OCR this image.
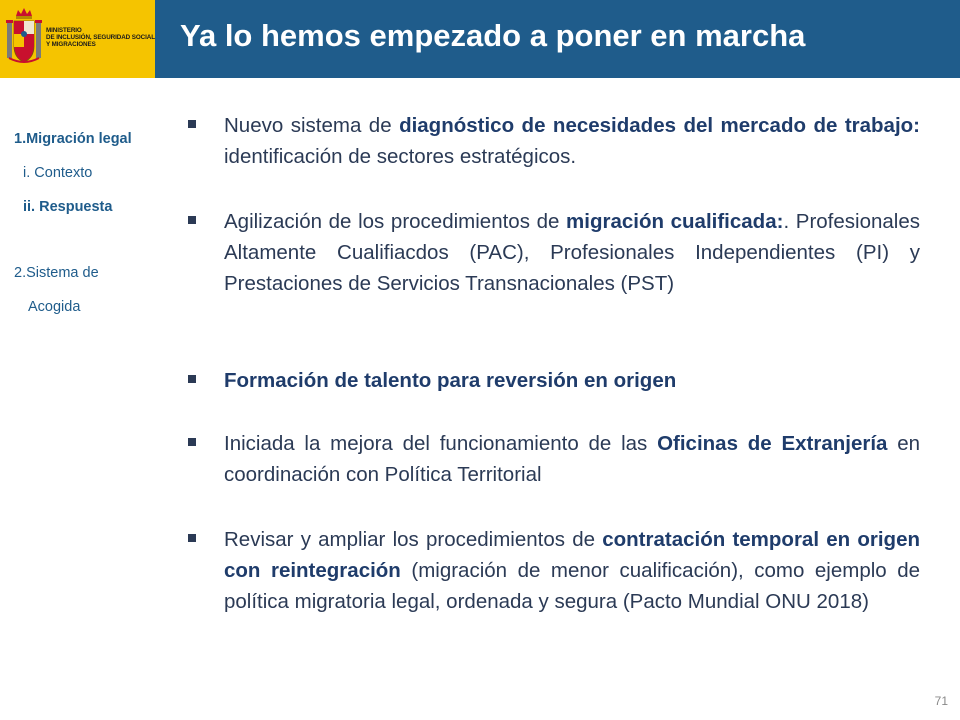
MINISTERIO
DE INCLUSIÓN, SEGURIDAD SOCIAL
Y MIGRACIONES	Ya lo hemos empezado a poner en marcha
1.Migración legal
i. Contexto
ii. Respuesta
2.Sistema de
Acogida
Nuevo sistema de diagnóstico de necesidades del mercado de trabajo: identificación de sectores estratégicos.
Agilización de los procedimientos de migración cualificada:. Profesionales Altamente Cualifiacdos (PAC), Profesionales Independientes (PI) y Prestaciones de Servicios Transnacionales (PST)
Formación de talento para reversión en origen
Iniciada la mejora del funcionamiento de las Oficinas de Extranjería en coordinación con Política Territorial
Revisar y ampliar los procedimientos de contratación temporal en origen con reintegración (migración de menor cualificación), como ejemplo de política migratoria legal, ordenada y segura (Pacto Mundial ONU 2018)
71
